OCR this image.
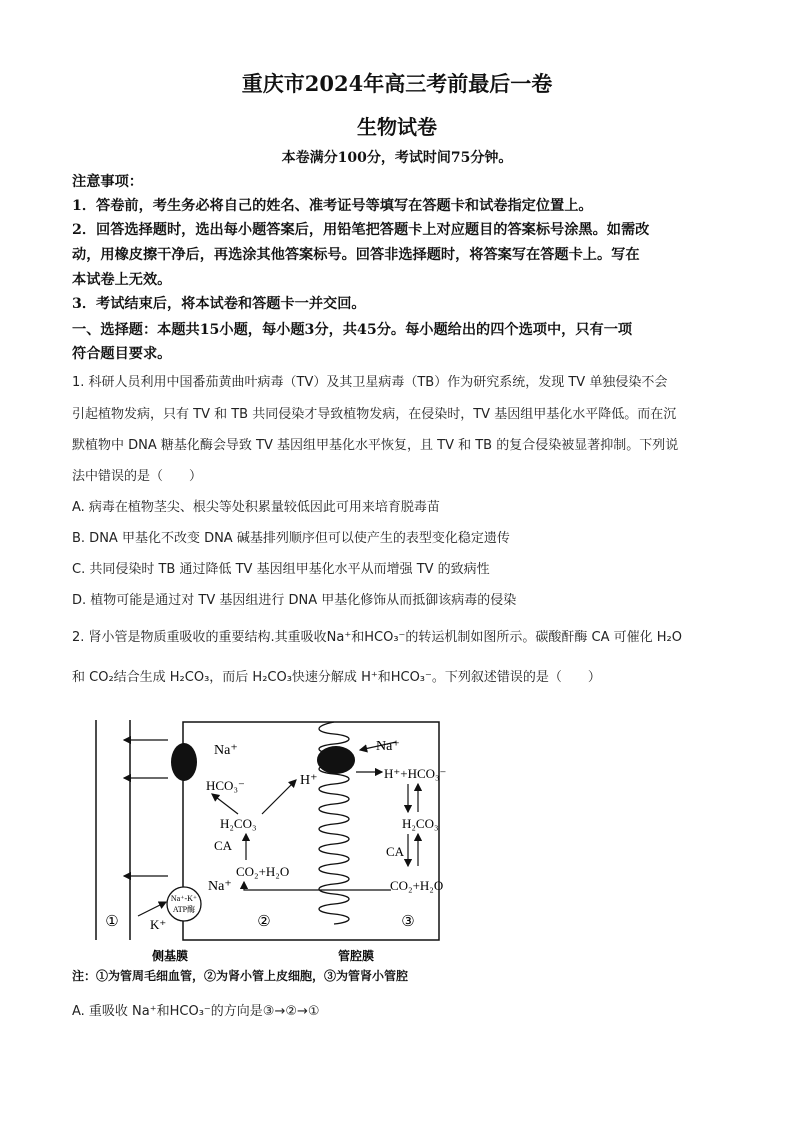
重庆市2024年高三考前最后一卷
生物试卷
本卷满分100分，考试时间75分钟。
注意事项：
1．答卷前，考生务必将自己的姓名、准考证号等填写在答题卡和试卷指定位置上。
2．回答选择题时，选出每小题答案后，用铅笔把答题卡上对应题目的答案标号涂黑。如需改
动，用橡皮擦干净后，再选涂其他答案标号。回答非选择题时，将答案写在答题卡上。写在
本试卷上无效。
3．考试结束后，将本试卷和答题卡一并交回。
一、选择题：本题共15小题，每小题3分，共45分。每小题给出的四个选项中，只有一项
符合题目要求。
1. 科研人员利用中国番茄黄曲叶病毒（TV）及其卫星病毒（TB）作为研究系统，发现 TV 单独侵染不会
引起植物发病，只有 TV 和 TB 共同侵染才导致植物发病，在侵染时，TV 基因组甲基化水平降低。而在沉
默植物中 DNA 糖基化酶会导致 TV 基因组甲基化水平恢复，且 TV 和 TB 的复合侵染被显著抑制。下列说
法中错误的是（　　）
A. 病毒在植物茎尖、根尖等处积累量较低因此可用来培育脱毒苗
B. DNA 甲基化不改变 DNA 碱基排列顺序但可以使产生的表型变化稳定遗传
C. 共同侵染时 TB 通过降低 TV 基因组甲基化水平从而增强 TV 的致病性
D. 植物可能是通过对 TV 基因组进行 DNA 甲基化修饰从而抵御该病毒的侵染
2. 肾小管是物质重吸收的重要结构.其重吸收Na⁺和HCO₃⁻的转运机制如图所示。碳酸酐酶 CA 可催化 H₂O
和 CO₂结合生成 H₂CO₃，而后 H₂CO₃快速分解成 H⁺和HCO₃⁻。下列叙述错误的是（　　）
Na⁺-K⁺
ATP酶
K⁺
Na⁺
HCO₃⁻	H⁺
H₂CO₃
CA
CO₂+H₂O
Na⁺
Na⁺
H⁺+HCO₃⁻
H₂CO₃
CA
CO₂+H₂O
①	②	③
侧基膜	管腔膜
注：①为管周毛细血管，②为肾小管上皮细胞，③为管肾小管腔
A. 重吸收 Na⁺和HCO₃⁻的方向是③→②→①
